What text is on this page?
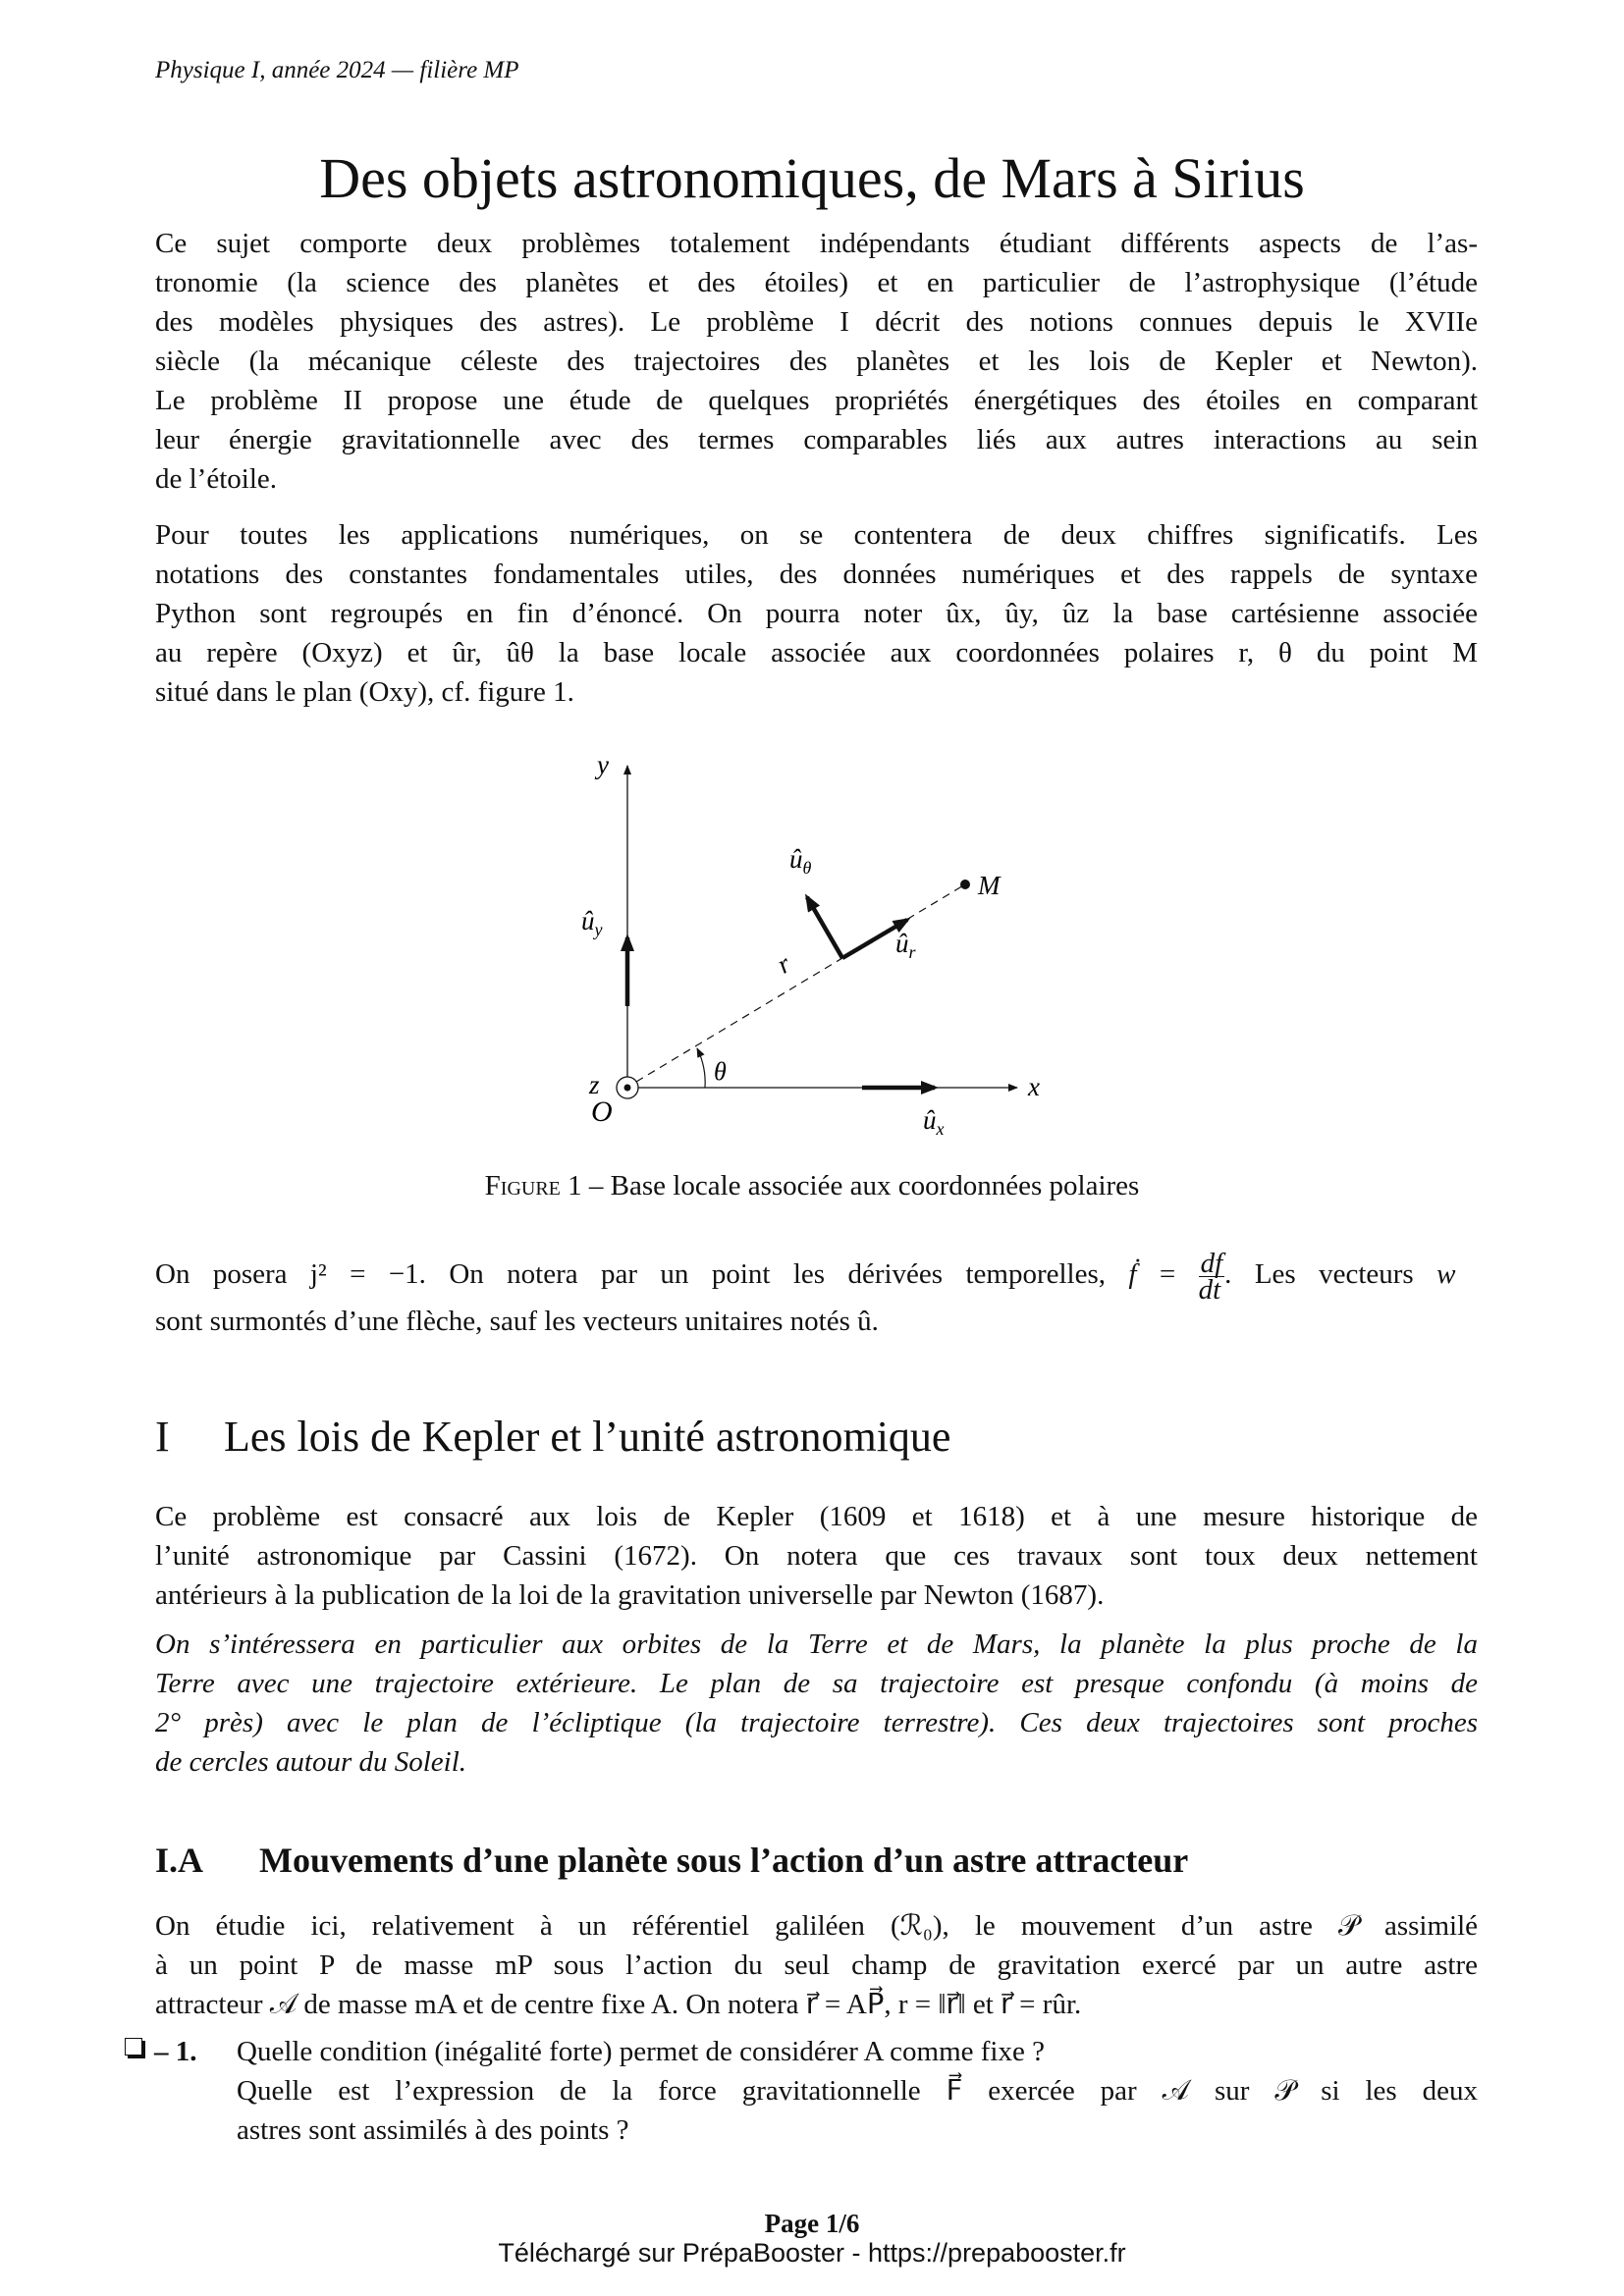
Physique I, année 2024 — filière MP
Des objets astronomiques, de Mars à Sirius
Ce sujet comporte deux problèmes totalement indépendants étudiant différents aspects de l’as-
tronomie (la science des planètes et des étoiles) et en particulier de l’astrophysique (l’étude
des modèles physiques des astres). Le problème I décrit des notions connues depuis le XVIIe
siècle (la mécanique céleste des trajectoires des planètes et les lois de Kepler et Newton).
Le problème II propose une étude de quelques propriétés énergétiques des étoiles en comparant
leur énergie gravitationnelle avec des termes comparables liés aux autres interactions au sein
de l’étoile.
Pour toutes les applications numériques, on se contentera de deux chiffres significatifs. Les
notations des constantes fondamentales utiles, des données numériques et des rappels de syntaxe
Python sont regroupés en fin d’énoncé. On pourra noter ûx, ûy, ûz la base cartésienne associée
au repère (Oxyz) et ûr, ûθ la base locale associée aux coordonnées polaires r, θ du point M
situé dans le plan (Oxy), cf. figure 1.
y
x
z
O
M
r
θ
$û_y$
$û_x$
$û_r$
$û_\theta$
Figure 1 – Base locale associée aux coordonnées polaires
On posera j² = −1. On notera par un point les dérivées temporelles, ḟ = $\frac{df}{dt}$ . Les vecteurs w⃗
sont surmontés d’une flèche, sauf les vecteurs unitaires notés û.
I Les lois de Kepler et l’unité astronomique
Ce problème est consacré aux lois de Kepler (1609 et 1618) et à une mesure historique de
l’unité astronomique par Cassini (1672). On notera que ces travaux sont toux deux nettement
antérieurs à la publication de la loi de la gravitation universelle par Newton (1687).
On s’intéressera en particulier aux orbites de la Terre et de Mars, la planète la plus proche de la
Terre avec une trajectoire extérieure. Le plan de sa trajectoire est presque confondu (à moins de
2° près) avec le plan de l’écliptique (la trajectoire terrestre). Ces deux trajectoires sont proches
de cercles autour du Soleil.
I.A Mouvements d’une planète sous l’action d’un astre attracteur
On étudie ici, relativement à un référentiel galiléen (ℛ₀), le mouvement d’un astre 𝒫 assimilé
à un point P de masse mP sous l’action du seul champ de gravitation exercé par un autre astre
attracteur 𝒜 de masse mA et de centre fixe A. On notera r⃗ = AP⃗, r = ‖r⃗‖ et r⃗ = rûr.
– 1. Quelle condition (inégalité forte) permet de considérer A comme fixe ?
Quelle est l’expression de la force gravitationnelle F⃗ exercée par 𝒜 sur 𝒫 si les deux
astres sont assimilés à des points ?
Page 1/6
Téléchargé sur PrépaBooster - https://prepabooster.fr
